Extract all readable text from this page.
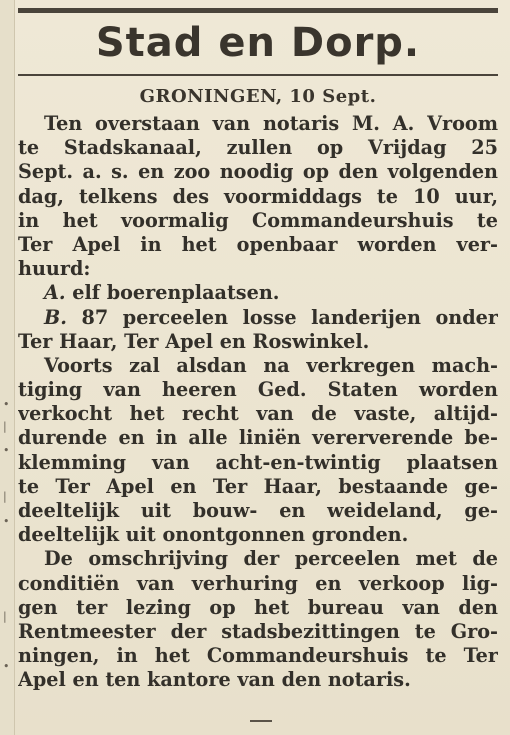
•
|
•
|
•
|
•
Stad en Dorp.
GRONINGEN, 10 Sept.
Ten overstaan van notaris M. A. Vroom
te Stadskanaal, zullen op Vrijdag 25
Sept. a. s. en zoo noodig op den volgenden
dag, telkens des voormiddags te 10 uur,
in het voormalig Commandeurshuis te
Ter Apel in het openbaar worden ver-
huurd:
A. elf boerenplaatsen.
B. 87 perceelen losse landerijen onder
Ter Haar, Ter Apel en Roswinkel.
Voorts zal alsdan na verkregen mach-
tiging van heeren Ged. Staten worden
verkocht het recht van de vaste, altijd-
durende en in alle liniën vererverende be-
klemming van acht-en-twintig plaatsen
te Ter Apel en Ter Haar, bestaande ge-
deeltelijk uit bouw- en weideland, ge-
deeltelijk uit onontgonnen gronden.
De omschrijving der perceelen met de
conditiën van verhuring en verkoop lig-
gen ter lezing op het bureau van den
Rentmeester der stadsbezittingen te Gro-
ningen, in het Commandeurshuis te Ter
Apel en ten kantore van den notaris.
